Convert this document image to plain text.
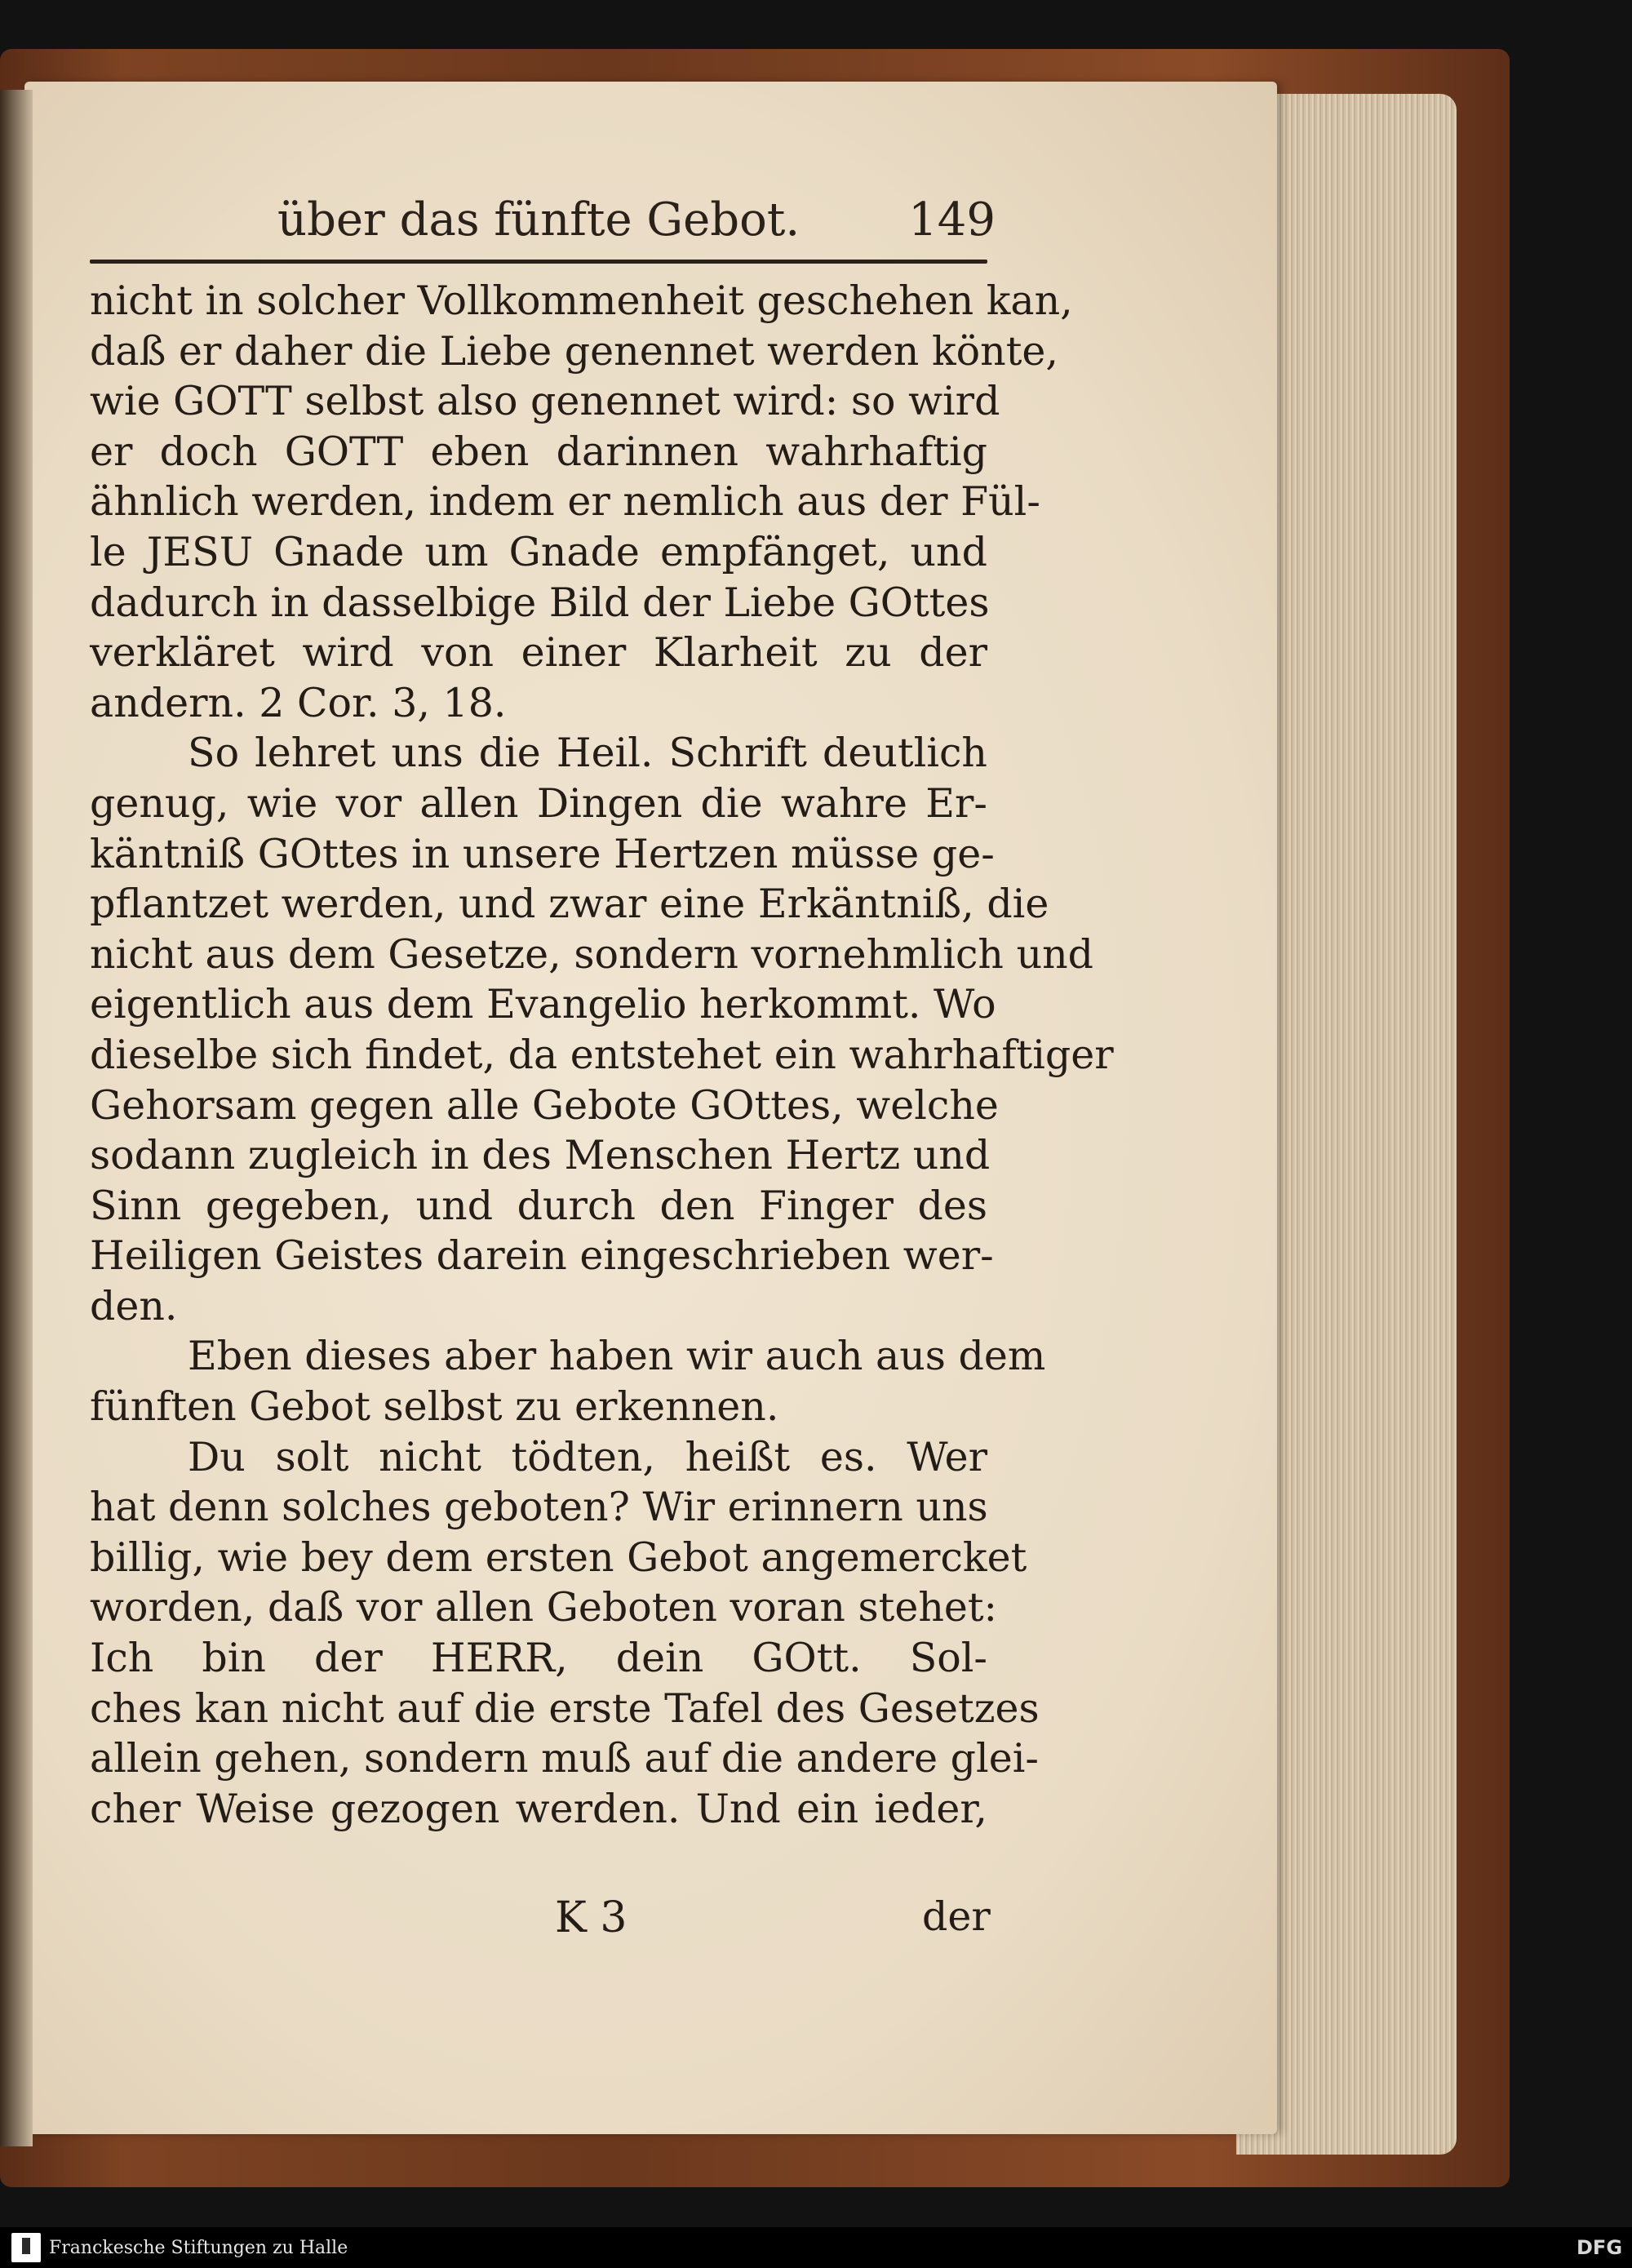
über das fünfte Gebot. 149
nicht in solcher Vollkommenheit geschehen kan,
daß er daher die Liebe genennet werden könte,
wie GOTT selbst also genennet wird: so wird
er doch GOTT eben darinnen wahrhaftig
ähnlich werden, indem er nemlich aus der Fül-
le JESU Gnade um Gnade empfänget, und
dadurch in dasselbige Bild der Liebe GOttes
verkläret wird von einer Klarheit zu der
andern. 2 Cor. 3, 18.
So lehret uns die Heil. Schrift deutlich
genug, wie vor allen Dingen die wahre Er-
käntniß GOttes in unsere Hertzen müsse ge-
pflantzet werden, und zwar eine Erkäntniß, die
nicht aus dem Gesetze, sondern vornehmlich und
eigentlich aus dem Evangelio herkommt. Wo
dieselbe sich findet, da entstehet ein wahrhaftiger
Gehorsam gegen alle Gebote GOttes, welche
sodann zugleich in des Menschen Hertz und
Sinn gegeben, und durch den Finger des
Heiligen Geistes darein eingeschrieben wer-
den.
Eben dieses aber haben wir auch aus dem
fünften Gebot selbst zu erkennen.
Du solt nicht tödten, heißt es. Wer
hat denn solches geboten? Wir erinnern uns
billig, wie bey dem ersten Gebot angemercket
worden, daß vor allen Geboten voran stehet:
Ich bin der HERR, dein GOtt. Sol-
ches kan nicht auf die erste Tafel des Gesetzes
allein gehen, sondern muß auf die andere glei-
cher Weise gezogen werden. Und ein ieder,
K 3	der
Franckesche Stiftungen zu Halle	DFG
